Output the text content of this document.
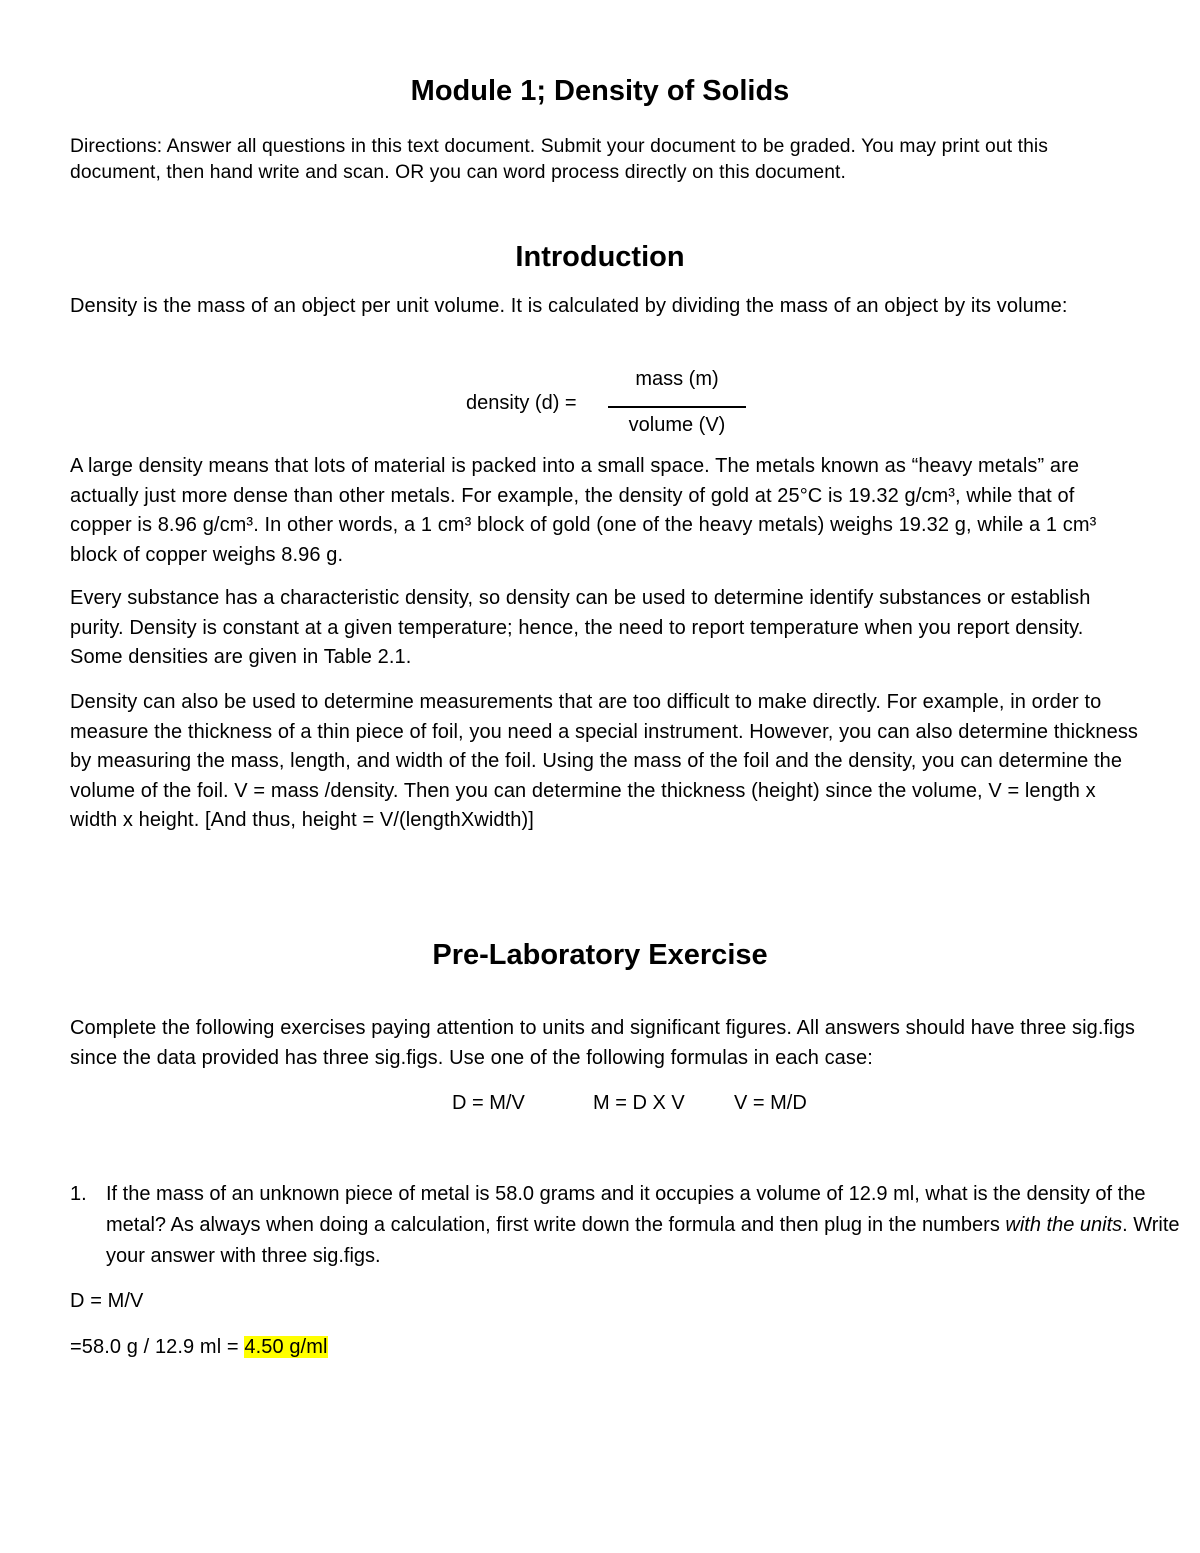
Module 1; Density of Solids
Directions: Answer all questions in this text document. Submit your document to be graded. You may print out this document, then hand write and scan. OR you can word process directly on this document.
Introduction
Density is the mass of an object per unit volume. It is calculated by dividing the mass of an object by its volume:
density (d) =
mass (m)
volume (V)
A large density means that lots of material is packed into a small space. The metals known as “heavy metals” are actually just more dense than other metals. For example, the density of gold at 25°C is 19.32 g/cm³, while that of copper is 8.96 g/cm³. In other words, a 1 cm³ block of gold (one of the heavy metals) weighs 19.32 g, while a 1 cm³ block of copper weighs 8.96 g.
Every substance has a characteristic density, so density can be used to determine identify substances or establish purity. Density is constant at a given temperature; hence, the need to report temperature when you report density. Some densities are given in Table 2.1.
Density can also be used to determine measurements that are too difficult to make directly. For example, in order to measure the thickness of a thin piece of foil, you need a special instrument. However, you can also determine thickness by measuring the mass, length, and width of the foil. Using the mass of the foil and the density, you can determine the volume of the foil. V = mass /density. Then you can determine the thickness (height) since the volume, V = length x width x height. [And thus, height = V/(lengthXwidth)]
Pre-Laboratory Exercise
Complete the following exercises paying attention to units and significant figures. All answers should have three sig.figs since the data provided has three sig.figs. Use one of the following formulas in each case:
D = M/V	M = D X V V = M/D
1. If the mass of an unknown piece of metal is 58.0 grams and it occupies a volume of 12.9 ml, what is the density of the metal? As always when doing a calculation, first write down the formula and then plug in the numbers with the units. Write your answer with three sig.figs.
D = M/V
=58.0 g / 12.9 ml = 4.50 g/ml
